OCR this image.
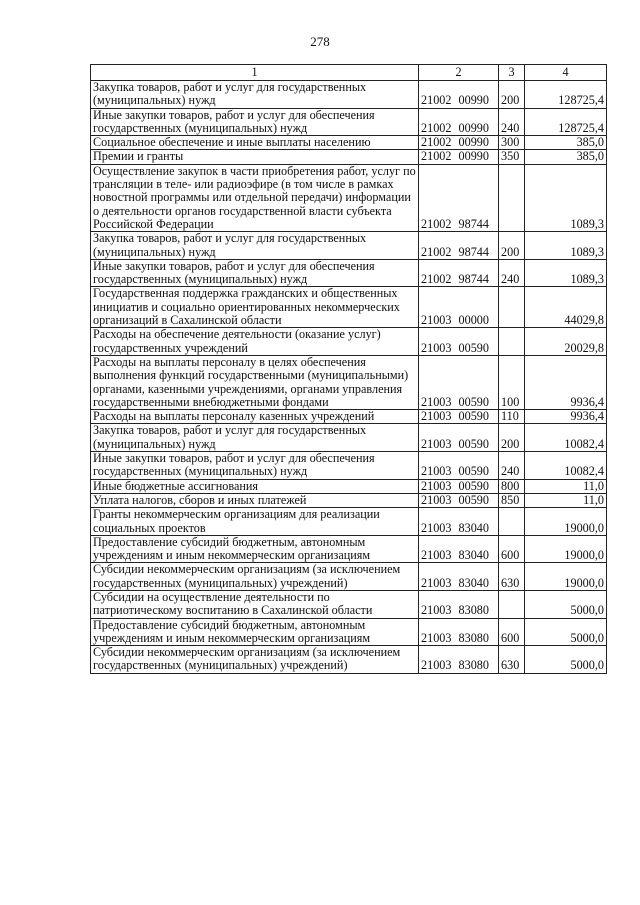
278
1	2	3	4
Закупка товаров, работ и услуг для государственных (муниципальных) нужд	21002 00990	200	128725,4
Иные закупки товаров, работ и услуг для обеспечения государственных (муниципальных) нужд	21002 00990	240	128725,4
Социальное обеспечение и иные выплаты населению	21002 00990	300	385,0
Премии и гранты	21002 00990	350	385,0
Осуществление закупок в части приобретения работ, услуг по трансляции в теле- или радиоэфире (в том числе в рамках новостной программы или отдельной передачи) информации о деятельности органов государственной власти субъекта Российской Федерации	21002 98744		1089,3
Закупка товаров, работ и услуг для государственных (муниципальных) нужд	21002 98744	200	1089,3
Иные закупки товаров, работ и услуг для обеспечения государственных (муниципальных) нужд	21002 98744	240	1089,3
Государственная поддержка гражданских и общественных инициатив и социально ориентированных некоммерческих организаций в Сахалинской области	21003 00000		44029,8
Расходы на обеспечение деятельности (оказание услуг) государственных учреждений	21003 00590		20029,8
Расходы на выплаты персоналу в целях обеспечения выполнения функций государственными (муниципальными) органами, казенными учреждениями, органами управления государственными внебюджетными фондами	21003 00590	100	9936,4
Расходы на выплаты персоналу казенных учреждений	21003 00590	110	9936,4
Закупка товаров, работ и услуг для государственных (муниципальных) нужд	21003 00590	200	10082,4
Иные закупки товаров, работ и услуг для обеспечения государственных (муниципальных) нужд	21003 00590	240	10082,4
Иные бюджетные ассигнования	21003 00590	800	11,0
Уплата налогов, сборов и иных платежей	21003 00590	850	11,0
Гранты некоммерческим организациям для реализации социальных проектов	21003 83040		19000,0
Предоставление субсидий бюджетным, автономным учреждениям и иным некоммерческим организациям	21003 83040	600	19000,0
Субсидии некоммерческим организациям (за исключением государственных (муниципальных) учреждений)	21003 83040	630	19000,0
Субсидии на осуществление деятельности по патриотическому воспитанию в Сахалинской области	21003 83080		5000,0
Предоставление субсидий бюджетным, автономным учреждениям и иным некоммерческим организациям	21003 83080	600	5000,0
Субсидии некоммерческим организациям (за исключением государственных (муниципальных) учреждений)	21003 83080	630	5000,0
